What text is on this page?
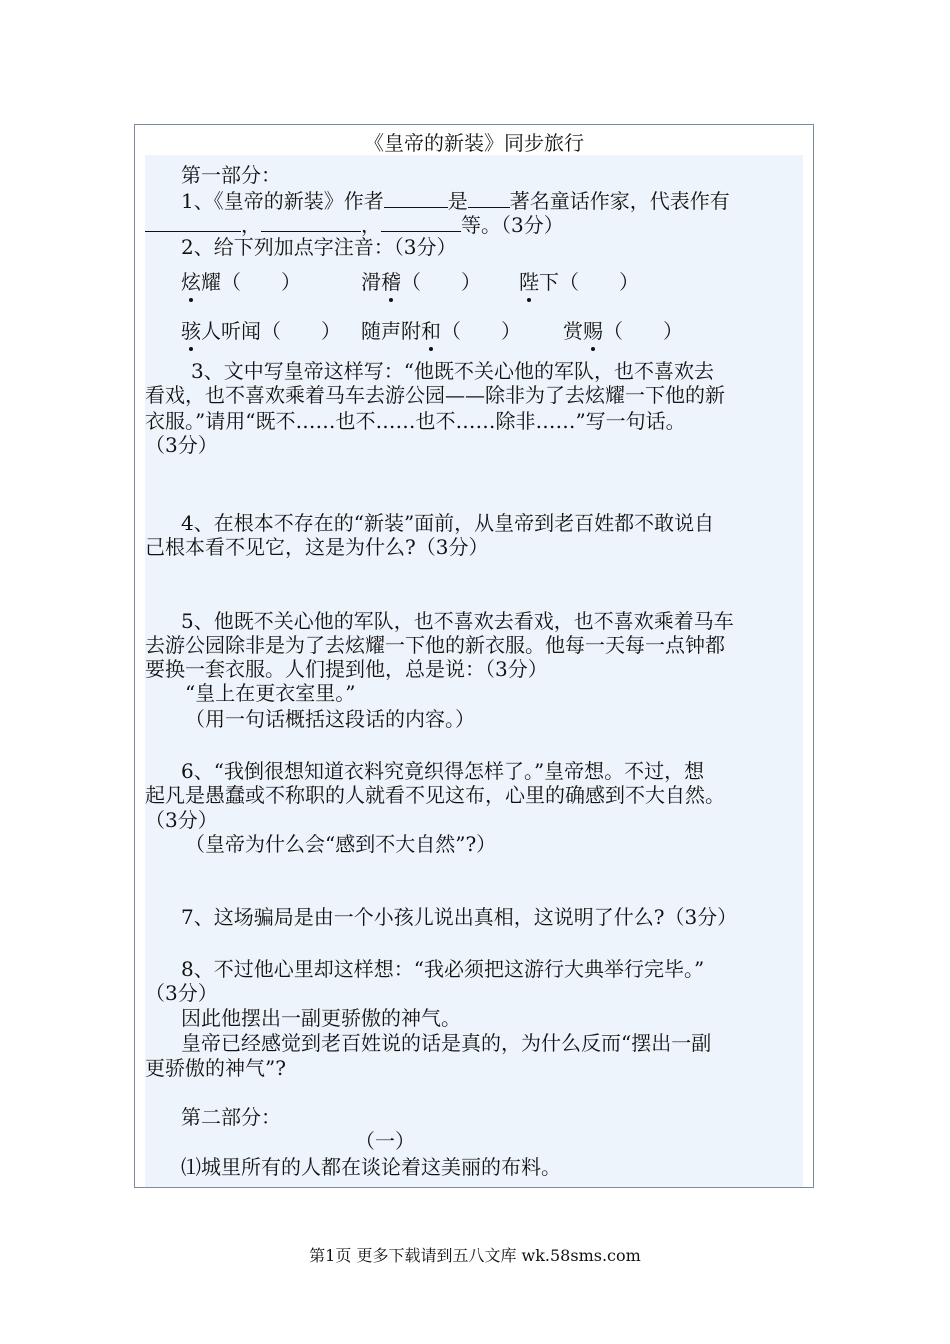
《皇帝的新装》同步旅行
第一部分：
1、《皇帝的新装》作者	是 著名童话作家，代表作有
，	，	等。（3分）
2、给下列加点字注音：（3分）
炫耀（　　）	滑稽（　　） 陛下（　　）
骇人听闻（　　） 随声附和（　　） 赏赐（　　）
3、文中写皇帝这样写：“他既不关心他的军队，也不喜欢去
看戏，也不喜欢乘着马车去游公园——除非为了去炫耀一下他的新
衣服。”请用“既不……也不……也不……除非……”写一句话。
（3分）
4、在根本不存在的“新装”面前，从皇帝到老百姓都不敢说自
己根本看不见它，这是为什么?（3分）
5、他既不关心他的军队，也不喜欢去看戏，也不喜欢乘着马车
去游公园除非是为了去炫耀一下他的新衣服。他每一天每一点钟都
要换一套衣服。人们提到他，总是说：（3分）
“皇上在更衣室里。”
（用一句话概括这段话的内容。）
6、“我倒很想知道衣料究竟织得怎样了。”皇帝想。不过，想
起凡是愚蠢或不称职的人就看不见这布，心里的确感到不大自然。
（3分）
（皇帝为什么会“感到不大自然”?）
7、这场骗局是由一个小孩儿说出真相，这说明了什么?（3分）
8、不过他心里却这样想：“我必须把这游行大典举行完毕。”
（3分）
因此他摆出一副更骄傲的神气。
皇帝已经感觉到老百姓说的话是真的，为什么反而“摆出一副
更骄傲的神气”?
第二部分：
（一）
⑴城里所有的人都在谈论着这美丽的布料。
第1页 更多下载请到五八文库 wk.58sms.com
